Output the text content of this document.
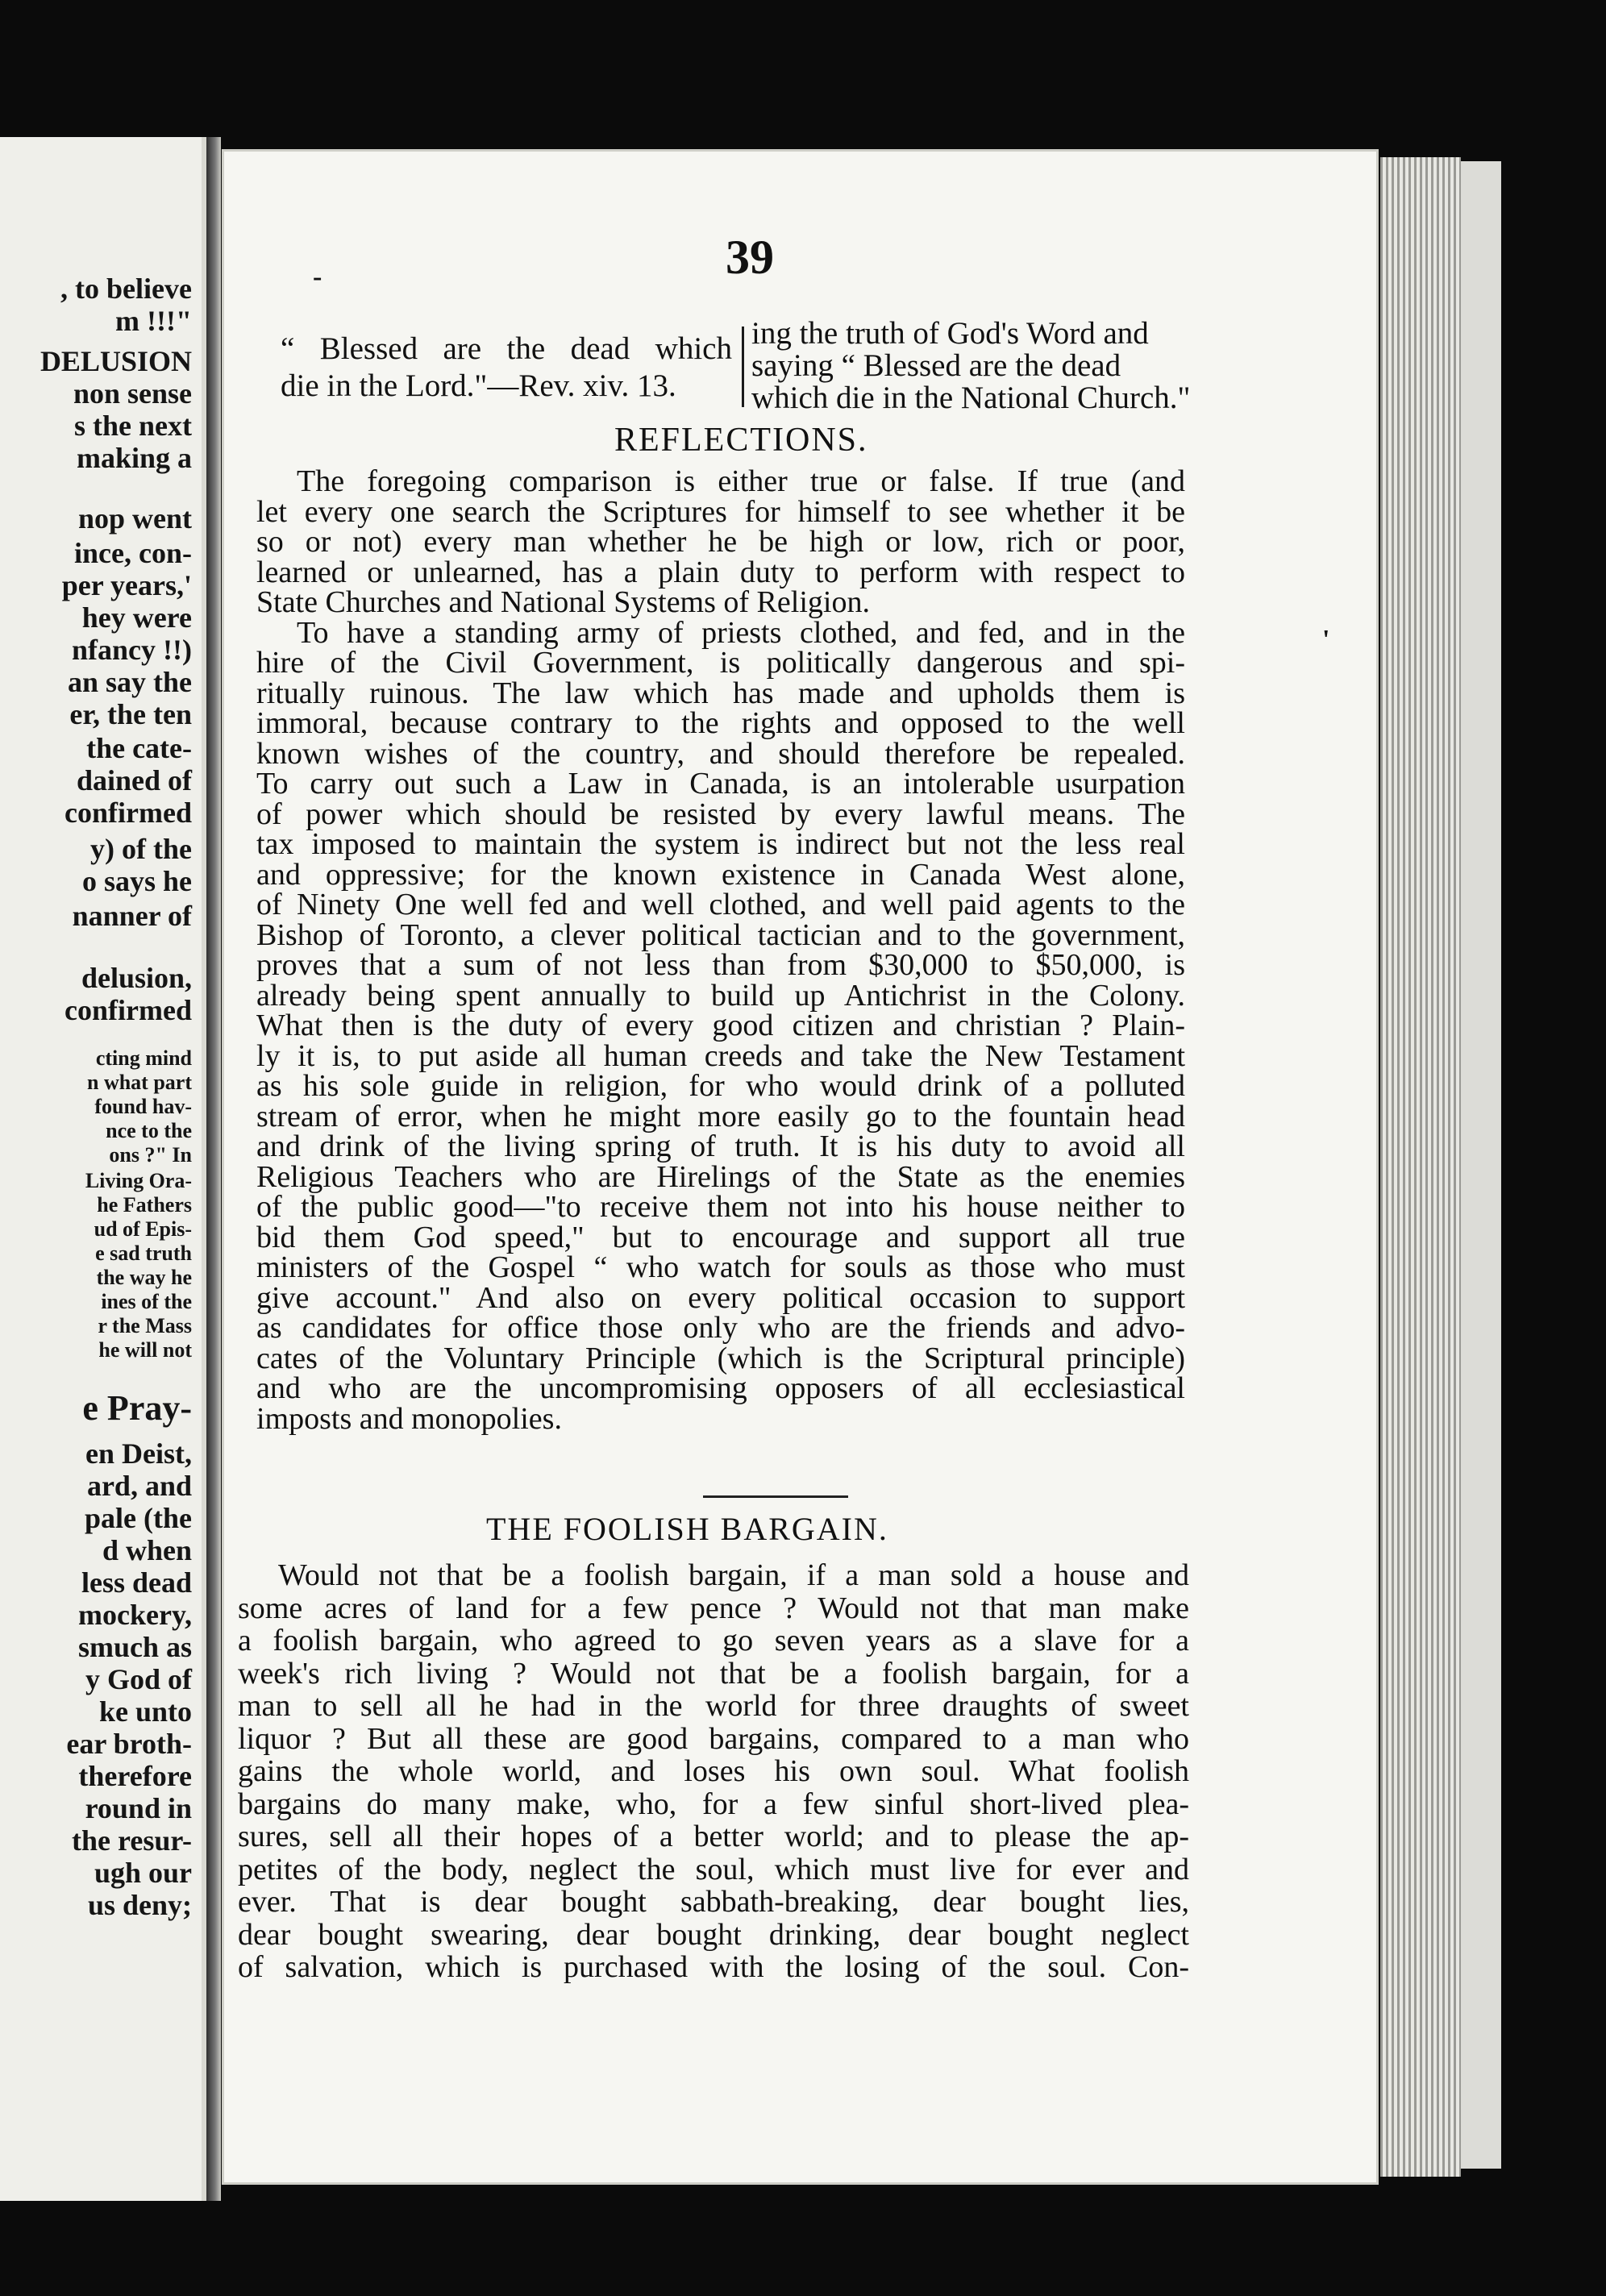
, to believe
m !!!"
DELUSION
non sense
s the next
making a
nop went
ince, con-
per years,'
hey were
nfancy !!)
an say the
er, the ten
the cate-
dained of
confirmed
y) of the
o says he
nanner of
delusion,
confirmed
cting mind
n what part
found hav-
nce to the
ons ?" In
Living Ora-
he Fathers
ud of Epis-
e sad truth
the way he
ines of the
r the Mass
he will not
e Pray-
en Deist,
ard, and
pale (the
d when
less dead
mockery,
smuch as
y God of
ke unto
ear broth-
therefore
round in
the resur-
ugh our
us deny;
39
-
'
“ Blessed are the dead which
die in the Lord."—Rev. xiv. 13.
ing the truth of God's Word and
saying “ Blessed are the dead
which die in the National Church."
REFLECTIONS.
The foregoing comparison is either true or false. If true (and
let every one search the Scriptures for himself to see whether it be
so or not) every man whether he be high or low, rich or poor,
learned or unlearned, has a plain duty to perform with respect to
State Churches and National Systems of Religion.
To have a standing army of priests clothed, and fed, and in the
hire of the Civil Government, is politically dangerous and spi-
ritually ruinous. The law which has made and upholds them is
immoral, because contrary to the rights and opposed to the well
known wishes of the country, and should therefore be repealed.
To carry out such a Law in Canada, is an intolerable usurpation
of power which should be resisted by every lawful means. The
tax imposed to maintain the system is indirect but not the less real
and oppressive; for the known existence in Canada West alone,
of Ninety One well fed and well clothed, and well paid agents to the
Bishop of Toronto, a clever political tactician and to the government,
proves that a sum of not less than from $30,000 to $50,000, is
already being spent annually to build up Antichrist in the Colony.
What then is the duty of every good citizen and christian ? Plain-
ly it is, to put aside all human creeds and take the New Testament
as his sole guide in religion, for who would drink of a polluted
stream of error, when he might more easily go to the fountain head
and drink of the living spring of truth. It is his duty to avoid all
Religious Teachers who are Hirelings of the State as the enemies
of the public good—"to receive them not into his house neither to
bid them God speed," but to encourage and support all true
ministers of the Gospel “ who watch for souls as those who must
give account." And also on every political occasion to support
as candidates for office those only who are the friends and advo-
cates of the Voluntary Principle (which is the Scriptural principle)
and who are the uncompromising opposers of all ecclesiastical
imposts and monopolies.
THE FOOLISH BARGAIN.
Would not that be a foolish bargain, if a man sold a house and
some acres of land for a few pence ? Would not that man make
a foolish bargain, who agreed to go seven years as a slave for a
week's rich living ? Would not that be a foolish bargain, for a
man to sell all he had in the world for three draughts of sweet
liquor ? But all these are good bargains, compared to a man who
gains the whole world, and loses his own soul. What foolish
bargains do many make, who, for a few sinful short-lived plea-
sures, sell all their hopes of a better world; and to please the ap-
petites of the body, neglect the soul, which must live for ever and
ever. That is dear bought sabbath-breaking, dear bought lies,
dear bought swearing, dear bought drinking, dear bought neglect
of salvation, which is purchased with the losing of the soul. Con-
